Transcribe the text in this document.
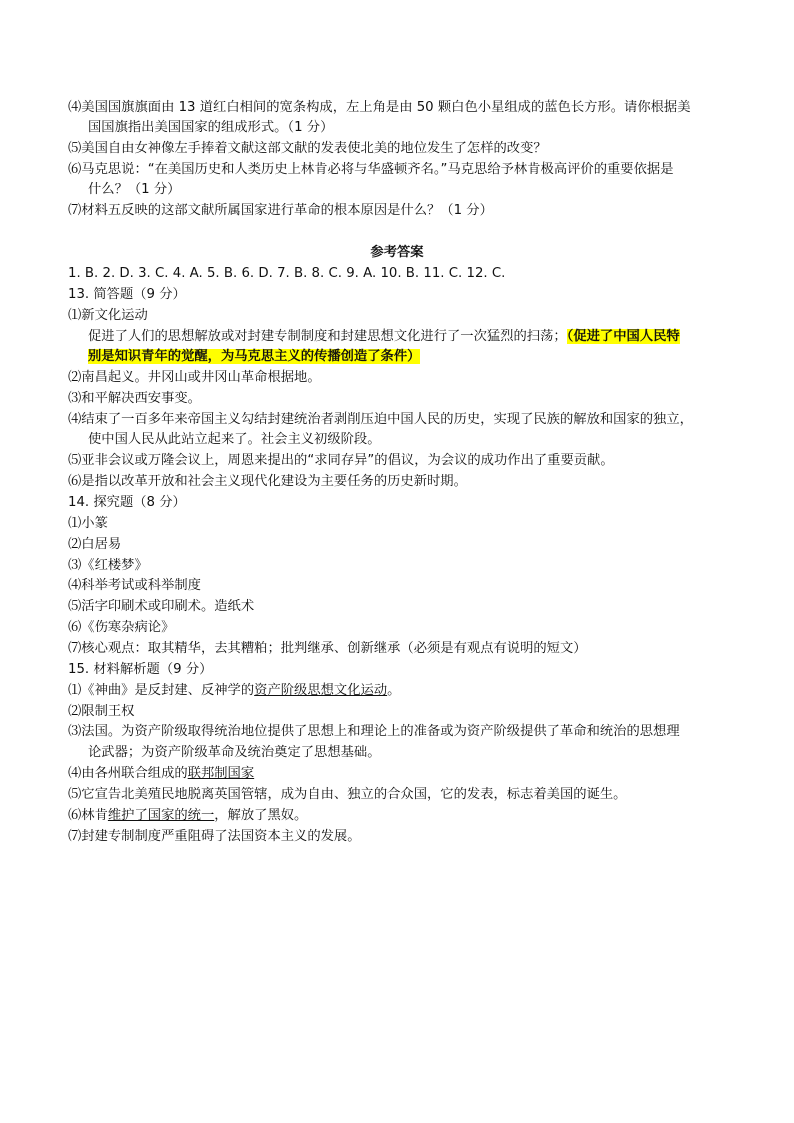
⑷美国国旗旗面由 13 道红白相间的宽条构成，左上角是由 50 颗白色小星组成的蓝色长方形。请你根据美
国国旗指出美国国家的组成形式。（1 分）
⑸美国自由女神像左手捧着文献这部文献的发表使北美的地位发生了怎样的改变？
⑹马克思说：“在美国历史和人类历史上林肯必将与华盛顿齐名。”马克思给予林肯极高评价的重要依据是
什么？（1 分）
⑺材料五反映的这部文献所属国家进行革命的根本原因是什么？（1 分）
参考答案
1. B. 2. D. 3. C. 4. A. 5. B. 6. D. 7. B. 8. C. 9. A. 10. B. 11. C. 12. C.
13. 简答题（9 分）
⑴新文化运动
促进了人们的思想解放或对封建专制制度和封建思想文化进行了一次猛烈的扫荡；（促进了中国人民特
别是知识青年的觉醒，为马克思主义的传播创造了条件）
⑵南昌起义。井冈山或井冈山革命根据地。
⑶和平解决西安事变。
⑷结束了一百多年来帝国主义勾结封建统治者剥削压迫中国人民的历史，实现了民族的解放和国家的独立，
使中国人民从此站立起来了。社会主义初级阶段。
⑸亚非会议或万隆会议上，周恩来提出的“求同存异”的倡议，为会议的成功作出了重要贡献。
⑹是指以改革开放和社会主义现代化建设为主要任务的历史新时期。
14. 探究题（8 分）
⑴小篆
⑵白居易
⑶《红楼梦》
⑷科举考试或科举制度
⑸活字印刷术或印刷术。造纸术
⑹《伤寒杂病论》
⑺核心观点：取其精华，去其糟粕；批判继承、创新继承（必须是有观点有说明的短文）
15. 材料解析题（9 分）
⑴《神曲》是反封建、反神学的资产阶级思想文化运动。
⑵限制王权
⑶法国。为资产阶级取得统治地位提供了思想上和理论上的准备或为资产阶级提供了革命和统治的思想理
论武器；为资产阶级革命及统治奠定了思想基础。
⑷由各州联合组成的联邦制国家
⑸它宣告北美殖民地脱离英国管辖，成为自由、独立的合众国，它的发表，标志着美国的诞生。
⑹林肯维护了国家的统一，解放了黑奴。
⑺封建专制制度严重阻碍了法国资本主义的发展。
